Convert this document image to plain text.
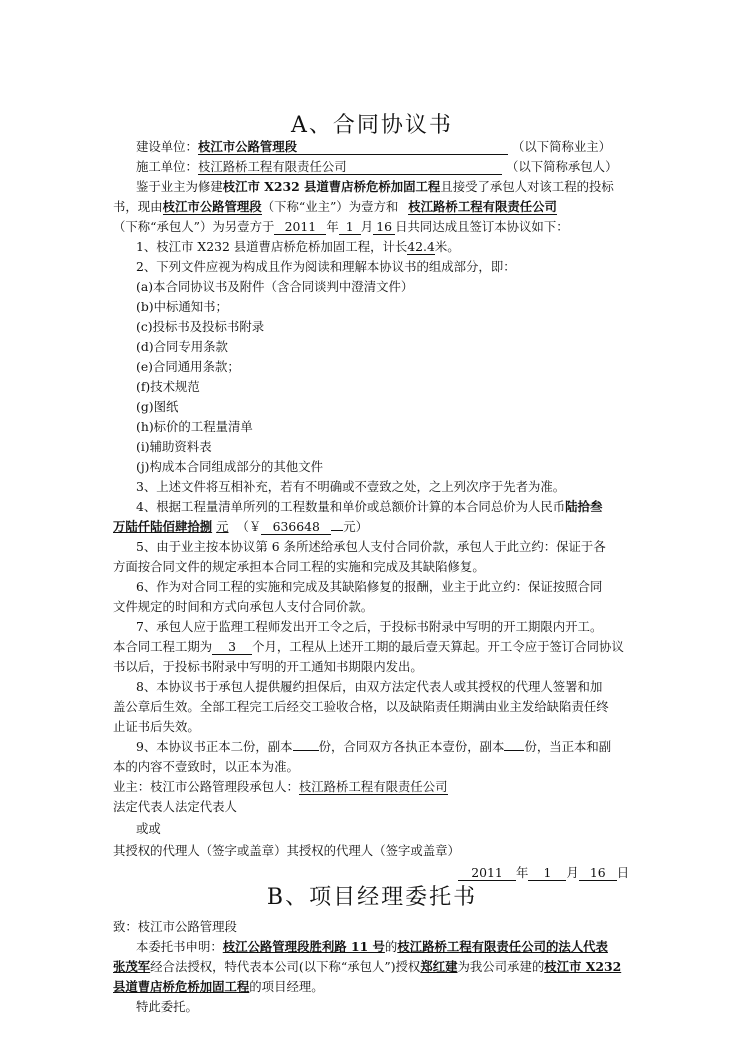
A、合同协议书
建设单位：枝江市公路管理段	（以下简称业主）
施工单位：枝江路桥工程有限责任公司	（以下简称承包人）
鉴于业主为修建枝江市 X232 县道曹店桥危桥加固工程且接受了承包人对该工程的投标
书，现由枝江市公路管理段（下称“业主”）为壹方和 枝江路桥工程有限责任公司
（下称“承包人”）为另壹方于 2011 年 1 月 16 日共同达成且签订本协议如下：
1、枝江市 X232 县道曹店桥危桥加固工程，计长42.4米。
2、下列文件应视为构成且作为阅读和理解本协议书的组成部分，即：
(a)本合同协议书及附件（含合同谈判中澄清文件）
(b)中标通知书；
(c)投标书及投标书附录
(d)合同专用条款
(e)合同通用条款；
(f)技术规范
(g)图纸
(h)标价的工程量清单
(i)辅助资料表
(j)构成本合同组成部分的其他文件
3、上述文件将互相补充，若有不明确或不壹致之处，之上列次序于先者为准。
4、根据工程量清单所列的工程数量和单价或总额价计算的本合同总价为人民币陆拾叁
万陆仟陆佰肆拾捌 元 （￥ 636648 元）
5、由于业主按本协议第 6 条所述给承包人支付合同价款，承包人于此立约：保证于各
方面按合同文件的规定承担本合同工程的实施和完成及其缺陷修复。
6、作为对合同工程的实施和完成及其缺陷修复的报酬，业主于此立约：保证按照合同
文件规定的时间和方式向承包人支付合同价款。
7、承包人应于监理工程师发出开工令之后，于投标书附录中写明的开工期限内开工。
本合同工程工期为 3 个月，工程从上述开工期的最后壹天算起。开工令应于签订合同协议
书以后，于投标书附录中写明的开工通知书期限内发出。
8、本协议书于承包人提供履约担保后，由双方法定代表人或其授权的代理人签署和加
盖公章后生效。全部工程完工后经交工验收合格，以及缺陷责任期满由业主发给缺陷责任终
止证书后失效。
9、本协议书正本二份，副本 份，合同双方各执正本壹份，副本 份，当正本和副
本的内容不壹致时，以正本为准。
业主：枝江市公路管理段承包人：枝江路桥工程有限责任公司
法定代表人法定代表人
或或
其授权的代理人（签字或盖章）其授权的代理人（签字或盖章）
2011 年 1 月 16 日
B、项目经理委托书
致：枝江市公路管理段
本委托书申明：枝江公路管理段胜利路 11 号的枝江路桥工程有限责任公司的法人代表
张茂军经合法授权，特代表本公司(以下称“承包人”)授权郑红建为我公司承建的枝江市 X232
县道曹店桥危桥加固工程的项目经理。
特此委托。
